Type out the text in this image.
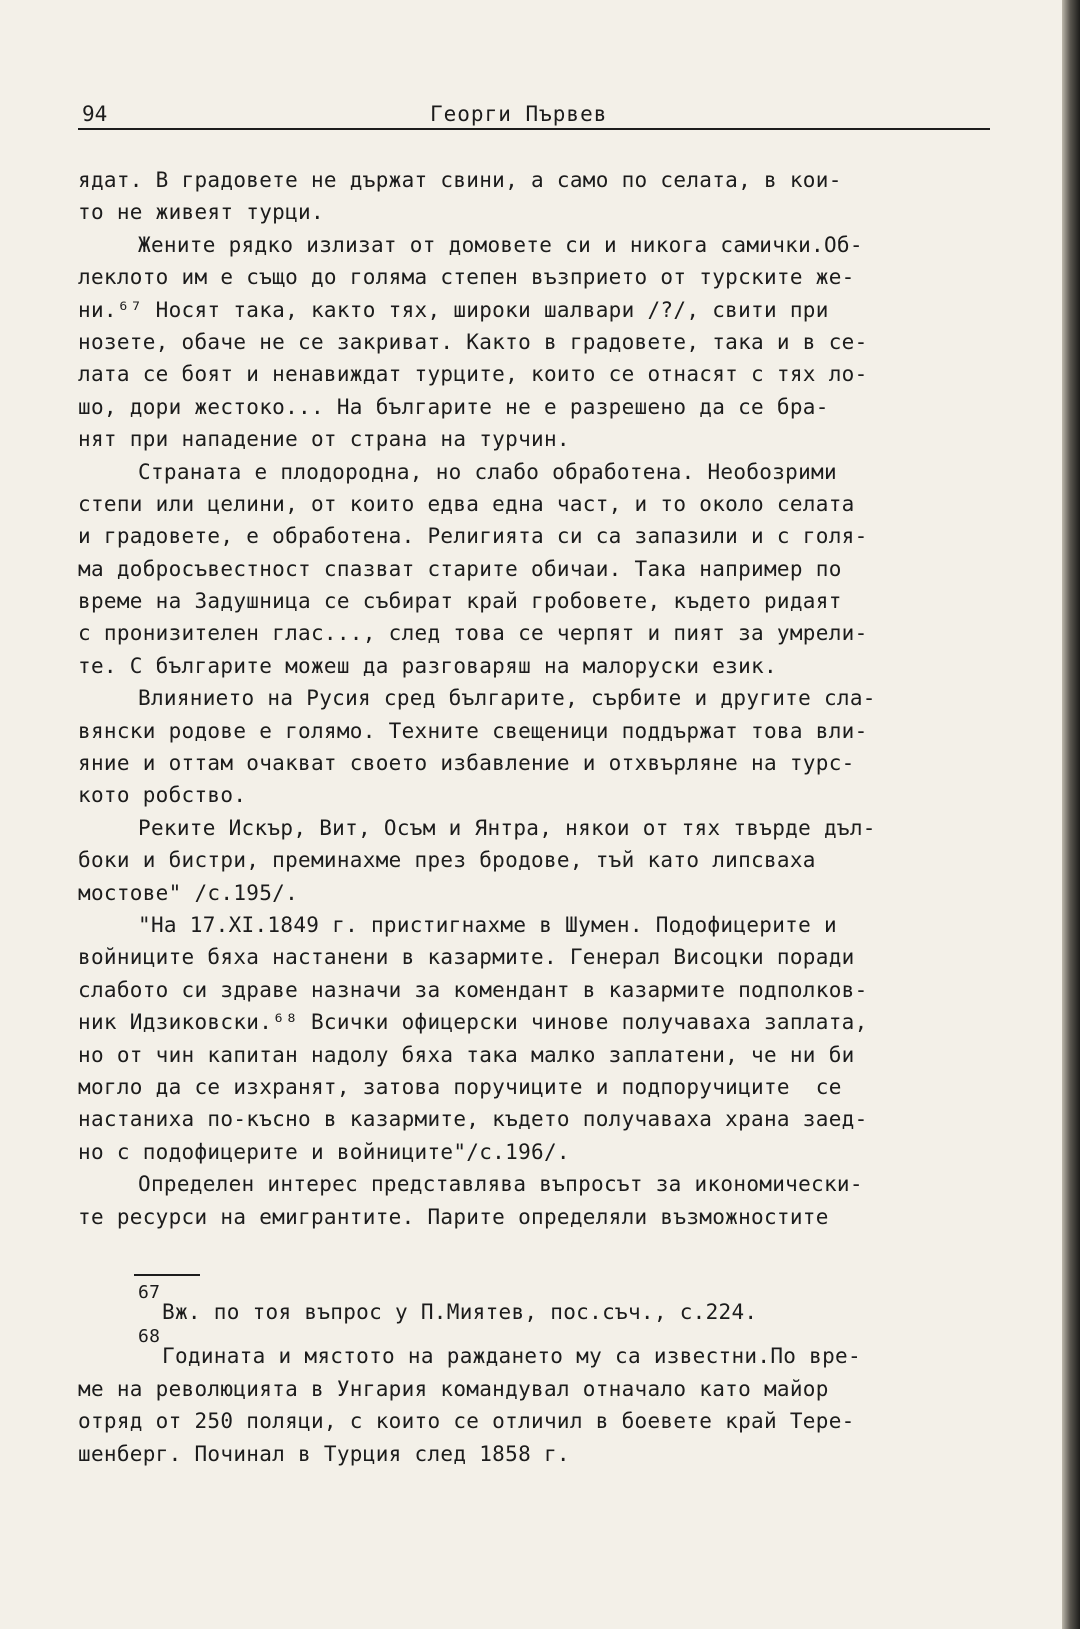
94	Георги Първев
ядат. В градовете не държат свини, а само по селата, в кои-
то не живеят турци.
Жените рядко излизат от домовете си и никога самички.Об-
леклото им е също до голяма степен възприето от турските же-
ни.⁶⁷ Носят така, както тях, широки шалвари /?/, свити при
нозете, обаче не се закриват. Както в градовете, така и в се-
лата се боят и ненавиждат турците, които се отнасят с тях ло-
шо, дори жестоко... На българите не е разрешено да се бра-
нят при нападение от страна на турчин.
Страната е плодородна, но слабо обработена. Необозрими
степи или целини, от които едва една част, и то около селата
и градовете, е обработена. Религията си са запазили и с голя-
ма добросъвестност спазват старите обичаи. Така например по
време на Задушница се събират край гробовете, където ридаят
с пронизителен глас..., след това се черпят и пият за умрели-
те. С българите можеш да разговаряш на малоруски език.
Влиянието на Русия сред българите, сърбите и другите сла-
вянски родове е голямо. Техните свещеници поддържат това вли-
яние и оттам очакват своето избавление и отхвърляне на турс-
кото робство.
Реките Искър, Вит, Осъм и Янтра, някои от тях твърде дъл-
боки и бистри, преминахме през бродове, тъй като липсваха
мостове" /с.195/.
"На 17.XI.1849 г. пристигнахме в Шумен. Подофицерите и
войниците бяха настанени в казармите. Генерал Висоцки поради
слабото си здраве назначи за комендант в казармите подполков-
ник Идзиковски.⁶⁸ Всички офицерски чинове получаваха заплата,
но от чин капитан надолу бяха така малко заплатени, че ни би
могло да се изхранят, затова поручиците и подпоручиците  се
настаниха по-късно в казармите, където получаваха храна заед-
но с подофицерите и войниците"/с.196/.
Определен интерес представлява въпросът за икономически-
те ресурси на емигрантите. Парите определяли възможностите
67
Вж. по тоя въпрос у П.Миятев, пос.съч., с.224.
68
Годината и мястото на раждането му са известни.По вре-
ме на революцията в Унгария командувал отначало като майор
отряд от 250 поляци, с които се отличил в боевете край Тере-
шенберг. Починал в Турция след 1858 г.
